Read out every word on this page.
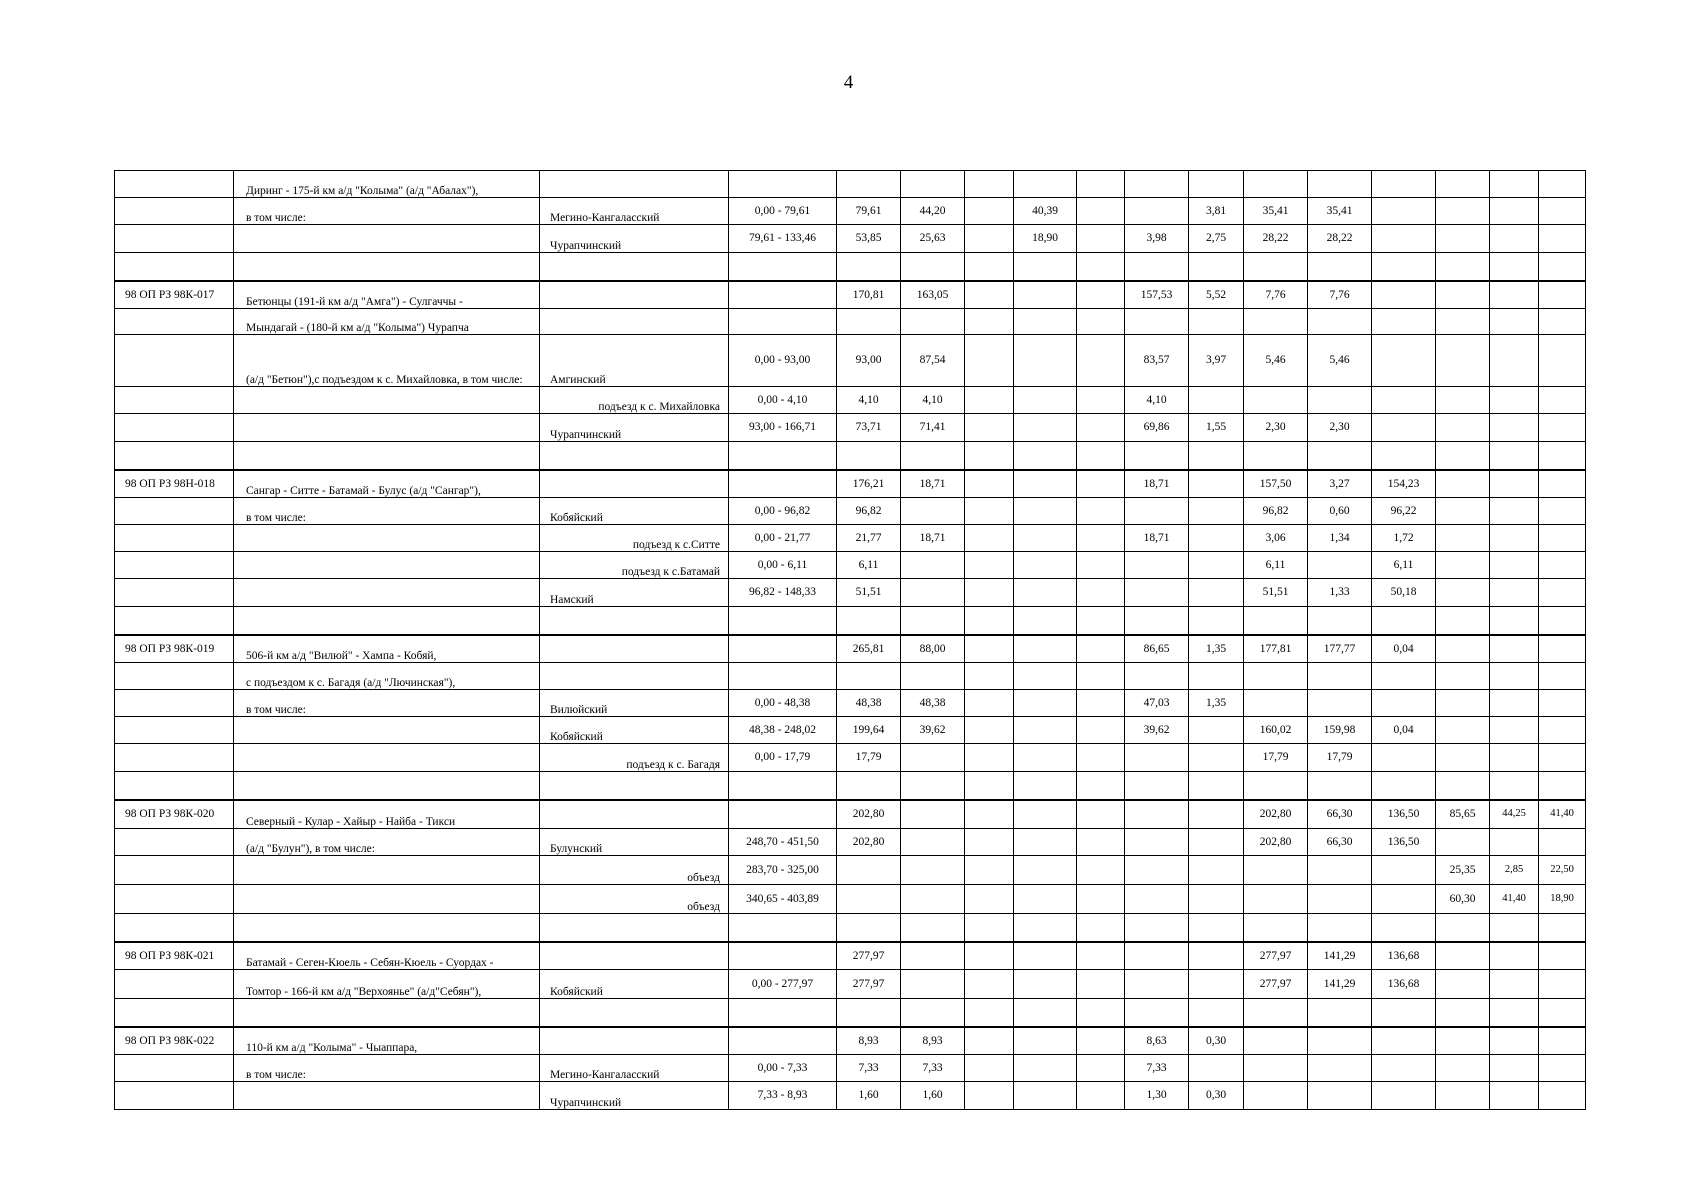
4
	Диринг - 175-й км а/д "Колыма" (а/д "Абалах"),															
	в том числе:	Мегино-Кангаласский	0,00 - 79,61	79,61	44,20		40,39			3,81	35,41	35,41				
		Чурапчинский	79,61 - 133,46	53,85	25,63		18,90		3,98	2,75	28,22	28,22				

98 ОП РЗ 98К-017	Бетюнцы (191-й км а/д "Амга") - Сулгаччы -			170,81	163,05				157,53	5,52	7,76	7,76				
	Мындагай - (180-й км а/д "Колыма") Чурапча															
	(а/д "Бетюн"),с подъездом к с. Михайловка, в том числе:	Амгинский	0,00 - 93,00	93,00	87,54				83,57	3,97	5,46	5,46				
		подъезд к с. Михайловка	0,00 - 4,10	4,10	4,10				4,10							
		Чурапчинский	93,00 - 166,71	73,71	71,41				69,86	1,55	2,30	2,30				

98 ОП РЗ 98Н-018	Сангар - Ситте - Батамай - Булус (а/д "Сангар"),			176,21	18,71				18,71		157,50	3,27	154,23			
	в том числе:	Кобяйский	0,00 - 96,82	96,82							96,82	0,60	96,22			
		подъезд к с.Ситте	0,00 - 21,77	21,77	18,71				18,71		3,06	1,34	1,72			
		подъезд к с.Батамай	0,00 - 6,11	6,11							6,11		6,11			
		Намский	96,82 - 148,33	51,51							51,51	1,33	50,18			

98 ОП РЗ 98К-019	506-й км а/д "Вилюй" - Хампа - Кобяй,			265,81	88,00				86,65	1,35	177,81	177,77	0,04			
	с подъездом к с. Багадя (а/д "Лючинская"),															
	в том числе:	Вилюйский	0,00 - 48,38	48,38	48,38				47,03	1,35						
		Кобяйский	48,38 - 248,02	199,64	39,62				39,62		160,02	159,98	0,04			
		подъезд к с. Багадя	0,00 - 17,79	17,79							17,79	17,79				

98 ОП РЗ 98К-020	Северный - Кулар - Хайыр - Найба - Тикси			202,80							202,80	66,30	136,50	85,65	44,25	41,40
	(а/д "Булун"), в том числе:	Булунский	248,70 - 451,50	202,80							202,80	66,30	136,50			
		объезд	283,70 - 325,00											25,35	2,85	22,50
		объезд	340,65 - 403,89											60,30	41,40	18,90

98 ОП РЗ 98К-021	Батамай - Сеген-Кюель - Себян-Кюель - Суордах -			277,97							277,97	141,29	136,68			
	Томтор - 166-й км а/д "Верхоянье" (а/д"Себян"),	Кобяйский	0,00 - 277,97	277,97							277,97	141,29	136,68			

98 ОП РЗ 98К-022	110-й км а/д "Колыма" - Чыаппара,			8,93	8,93				8,63	0,30						
	в том числе:	Мегино-Кангаласский	0,00 - 7,33	7,33	7,33				7,33							
		Чурапчинский	7,33 - 8,93	1,60	1,60				1,30	0,30						
